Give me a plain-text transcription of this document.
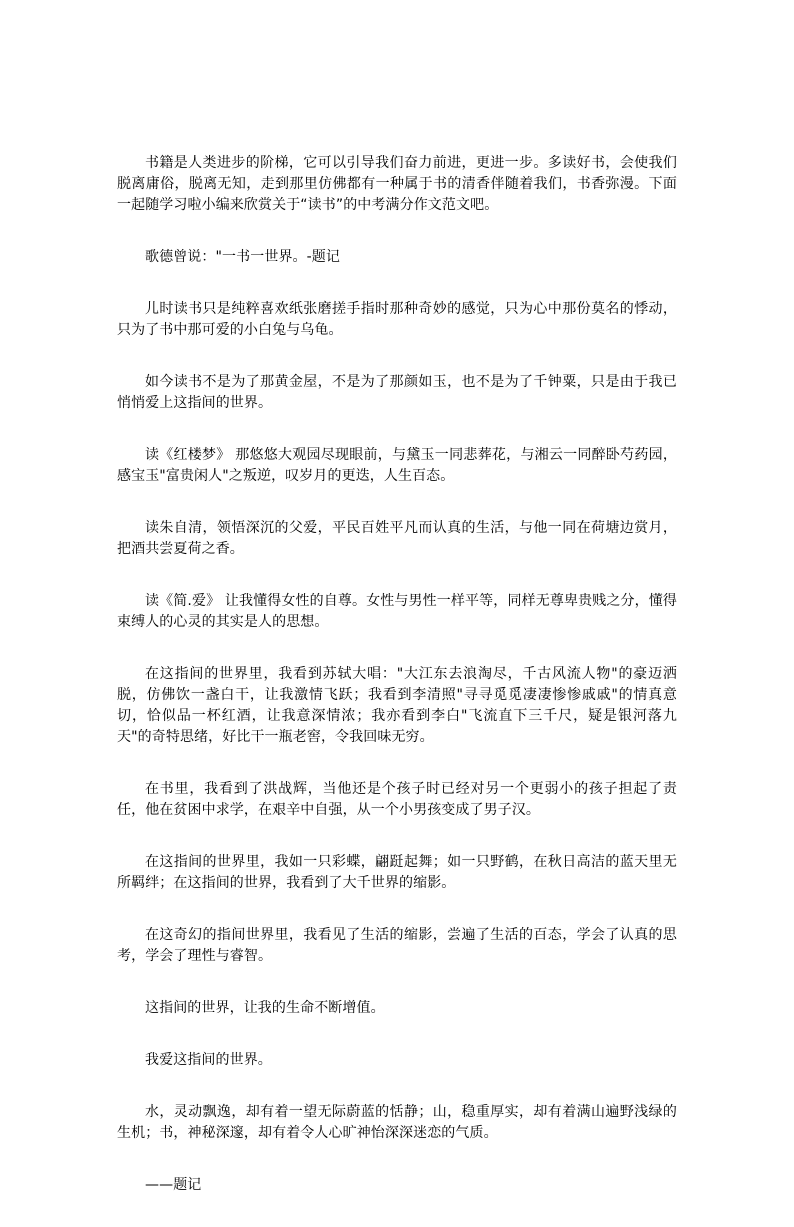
书籍是人类进步的阶梯，它可以引导我们奋力前进，更进一步。多读好书，会使我们脱离庸俗，脱离无知，走到那里仿佛都有一种属于书的清香伴随着我们，书香弥漫。下面一起随学习啦小编来欣赏关于“读书”的中考满分作文范文吧。

歌德曾说："一书一世界。-题记

儿时读书只是纯粹喜欢纸张磨搓手指时那种奇妙的感觉，只为心中那份莫名的悸动，只为了书中那可爱的小白兔与乌龟。

如今读书不是为了那黄金屋，不是为了那颜如玉，也不是为了千钟粟，只是由于我已悄悄爱上这指间的世界。

读《红楼梦》 那悠悠大观园尽现眼前，与黛玉一同悲葬花，与湘云一同醉卧芍药园，感宝玉"富贵闲人"之叛逆，叹岁月的更迭，人生百态。

读朱自清，领悟深沉的父爱，平民百姓平凡而认真的生活，与他一同在荷塘边赏月，把酒共尝夏荷之香。

读《简.爱》 让我懂得女性的自尊。女性与男性一样平等，同样无尊卑贵贱之分，懂得束缚人的心灵的其实是人的思想。

在这指间的世界里，我看到苏轼大唱："大江东去浪淘尽，千古风流人物"的豪迈洒脱，仿佛饮一盏白干，让我激情飞跃；我看到李清照"寻寻觅觅凄凄惨惨戚戚"的情真意切，恰似品一杯红酒，让我意深情浓；我亦看到李白"飞流直下三千尺，疑是银河落九天"的奇特思绪，好比干一瓶老窖，令我回味无穷。

在书里，我看到了洪战辉，当他还是个孩子时已经对另一个更弱小的孩子担起了责任，他在贫困中求学，在艰辛中自强，从一个小男孩变成了男子汉。

在这指间的世界里，我如一只彩蝶，翩跹起舞；如一只野鹤，在秋日高洁的蓝天里无所羁绊；在这指间的世界，我看到了大千世界的缩影。

在这奇幻的指间世界里，我看见了生活的缩影，尝遍了生活的百态，学会了认真的思考，学会了理性与睿智。

这指间的世界，让我的生命不断增值。

我爱这指间的世界。

水，灵动飘逸，却有着一望无际蔚蓝的恬静；山，稳重厚实，却有着满山遍野浅绿的生机；书，神秘深邃，却有着令人心旷神怡深深迷恋的气质。

——题记
